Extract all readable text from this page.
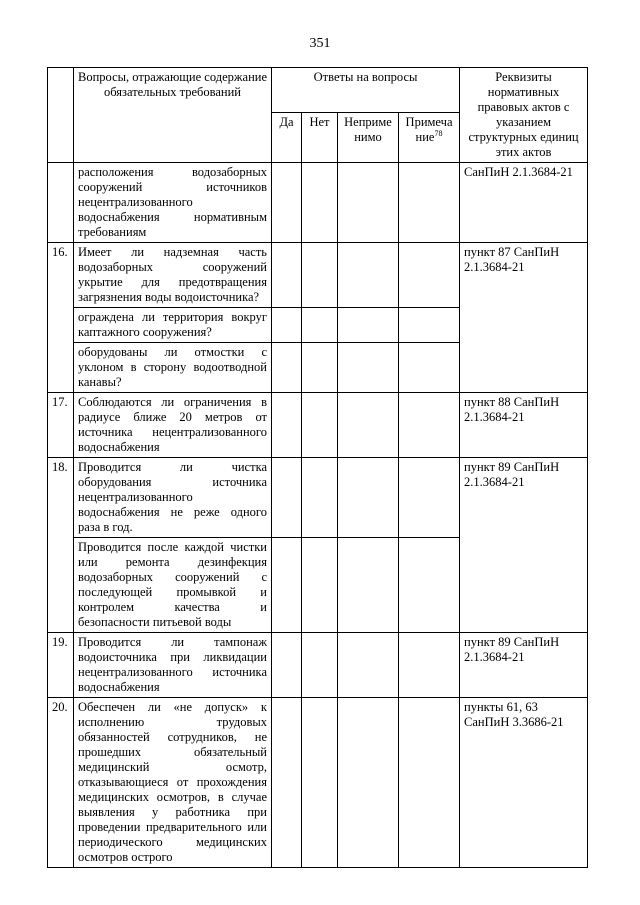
351
	Вопросы, отражающие содержание обязательных требований	Ответы на вопросы				Реквизиты нормативных правовых актов с указанием структурных единиц этих актов
		Да	Нет	Неприменимо	Примечание$^{78}$
	расположения водозаборных сооружений источников нецентрализованного водоснабжения нормативным требованиям					СанПиН 2.1.3684-21
16.	Имеет ли надземная часть водозаборных сооружений укрытие для предотвращения загрязнения воды водоисточника?					пункт 87 СанПиН 2.1.3684-21
	ограждена ли территория вокруг каптажного сооружения?					
	оборудованы ли отмостки с уклоном в сторону водоотводной канавы?					
17.	Соблюдаются ли ограничения в радиусе ближе 20 метров от источника нецентрализованного водоснабжения					пункт 88 СанПиН 2.1.3684-21
18.	Проводится ли чистка оборудования источника нецентрализованного водоснабжения не реже одного раза в год.					пункт 89 СанПиН 2.1.3684-21
	Проводится после каждой чистки или ремонта дезинфекция водозаборных сооружений с последующей промывкой и контролем качества и безопасности питьевой воды					
19.	Проводится ли тампонаж водоисточника при ликвидации нецентрализованного источника водоснабжения					пункт 89 СанПиН 2.1.3684-21
20.	Обеспечен ли «не допуск» к исполнению трудовых обязанностей сотрудников, не прошедших обязательный медицинский осмотр, отказывающиеся от прохождения медицинских осмотров, в случае выявления у работника при проведении предварительного или периодического медицинских осмотров острого					пункты 61, 63 СанПиН 3.3686-21
